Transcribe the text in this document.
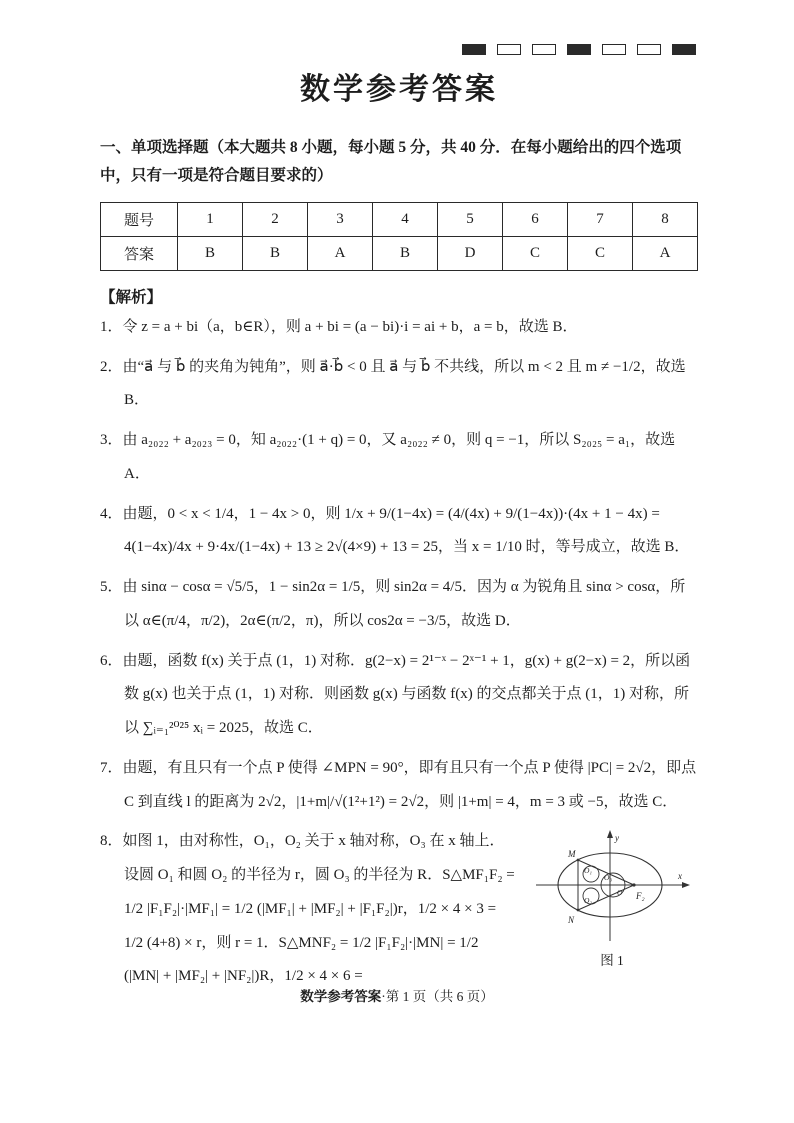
数学参考答案

一、单项选择题（本大题共 8 小题，每小题 5 分，共 40 分．在每小题给出的四个选项中，只有一项是符合题目要求的）

题号	1	2	3	4	5	6	7	8
答案	B	B	A	B	D	C	C	A

【解析】

1．令 z = a + bi（a，b∈R），则 a + bi = (a − bi)·i = ai + b，a = b，故选 B．

2．由“a⃗ 与 b⃗ 的夹角为钝角”，则 a⃗·b⃗ < 0 且 a⃗ 与 b⃗ 不共线，所以 m < 2 且 m ≠ −1/2，故选 B．

3．由 a₂₀₂₂ + a₂₀₂₃ = 0，知 a₂₀₂₂·(1 + q) = 0，又 a₂₀₂₂ ≠ 0，则 q = −1，所以 S₂₀₂₅ = a₁，故选 A．

4．由题，0 < x < 1/4，1 − 4x > 0，则 1/x + 9/(1−4x) = (4/(4x) + 9/(1−4x))·(4x + 1 − 4x) = 4(1−4x)/4x + 9·4x/(1−4x) + 13 ≥ 2√(4×9) + 13 = 25，当 x = 1/10 时，等号成立，故选 B．

5．由 sinα − cosα = √5/5，1 − sin2α = 1/5，则 sin2α = 4/5．因为 α 为锐角且 sinα > cosα，所以 α∈(π/4，π/2)，2α∈(π/2，π)，所以 cos2α = −3/5，故选 D．

6．由题，函数 f(x) 关于点 (1，1) 对称．g(2−x) = 2¹⁻ˣ − 2ˣ⁻¹ + 1，g(x) + g(2−x) = 2，所以函数 g(x) 也关于点 (1，1) 对称．则函数 g(x) 与函数 f(x) 的交点都关于点 (1，1) 对称，所以 ∑ᵢ₌₁²⁰²⁵ xᵢ = 2025，故选 C．

7．由题，有且只有一个点 P 使得 ∠MPN = 90°，即有且只有一个点 P 使得 |PC| = 2√2，即点 C 到直线 l 的距离为 2√2，|1+m|/√(1²+1²) = 2√2，则 |1+m| = 4，m = 3 或 −5，故选 C．

M
N
y
x
F₂
O₁
O₂
O₃
O
图 1

8．如图 1，由对称性，O₁，O₂ 关于 x 轴对称，O₃ 在 x 轴上．设圆 O₁ 和圆 O₂ 的半径为 r，圆 O₃ 的半径为 R．S△MF₁F₂ = 1/2 |F₁F₂|·|MF₁| = 1/2 (|MF₁| + |MF₂| + |F₁F₂|)r，1/2 × 4 × 3 = 1/2 (4+8) × r，则 r = 1．S△MNF₂ = 1/2 |F₁F₂|·|MN| = 1/2 (|MN| + |MF₂| + |NF₂|)R，1/2 × 4 × 6 =

数学参考答案·第 1 页（共 6 页）
